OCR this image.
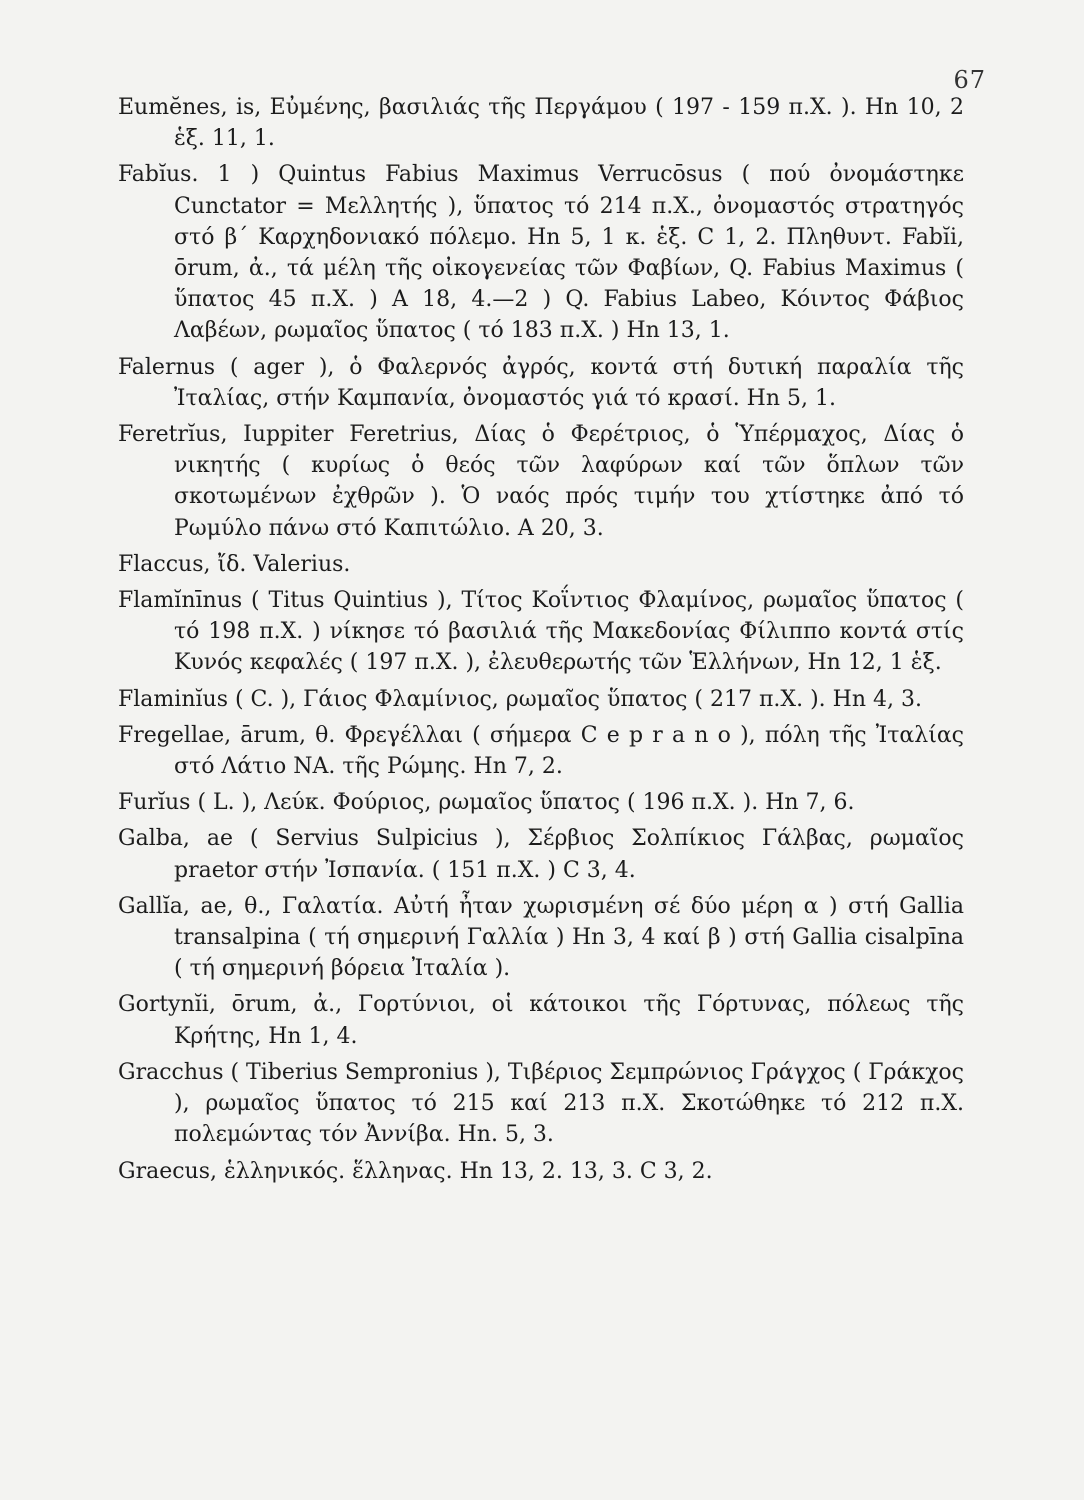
67

Eumĕnes, is, Εὐμένης, βασιλιάς τῆς Περγάμου ( 197 - 159 π.Χ. ). Hn 10, 2 ἑξ. 11, 1.

Fabĭus. 1 ) Quintus Fabius Maximus Verrucōsus ( πού ὀνομάστηκε Cunctator = Μελλητής ), ὕπατος τό 214 π.Χ., ὀνομαστός στρατηγός στό β΄ Καρχηδονιακό πόλεμο. Hn 5, 1 κ. ἑξ. C 1, 2. Πληθυντ. Fabĭi, ōrum, ἀ., τά μέλη τῆς οἰκογενείας τῶν Φαβίων, Q. Fabius Maximus ( ὕπατος 45 π.Χ. ) A 18, 4.—2 ) Q. Fabius Labeo, Κόιντος Φάβιος Λαβέων, ρωμαῖος ὕπατος ( τό 183 π.Χ. ) Hn 13, 1.

Falernus ( ager ), ὁ Φαλερνός ἀγρός, κοντά στή δυτική παραλία τῆς Ἰταλίας, στήν Καμπανία, ὀνομαστός γιά τό κρασί. Hn 5, 1.

Feretrĭus, Iuppiter Feretrius, Δίας ὁ Φερέτριος, ὁ Ὑπέρμαχος, Δίας ὁ νικητής ( κυρίως ὁ θεός τῶν λαφύρων καί τῶν ὅπλων τῶν σκοτωμένων ἐχθρῶν ). Ὁ ναός πρός τιμήν του χτίστηκε ἀπό τό Ρωμύλο πάνω στό Καπιτώλιο. A 20, 3.

Flaccus, ἴδ. Valerius.

Flamĭnīnus ( Titus Quintius ), Τίτος Κοΐντιος Φλαμίνος, ρωμαῖος ὕπατος ( τό 198 π.Χ. ) νίκησε τό βασιλιά τῆς Μακεδονίας Φίλιππο κοντά στίς Κυνός κεφαλές ( 197 π.Χ. ), ἐλευθερωτής τῶν Ἑλλήνων, Hn 12, 1 ἑξ.

Flaminĭus ( C. ), Γάιος Φλαμίνιος, ρωμαῖος ὕπατος ( 217 π.Χ. ). Hn 4, 3.

Fregellae, ārum, θ. Φρεγέλλαι ( σήμερα C e p r a n o ), πόλη τῆς Ἰταλίας στό Λάτιο ΝΑ. τῆς Ρώμης. Hn 7, 2.

Furĭus ( L. ), Λεύκ. Φούριος, ρωμαῖος ὕπατος ( 196 π.Χ. ). Hn 7, 6.

Galba, ae ( Servius Sulpicius ), Σέρβιος Σολπίκιος Γάλβας, ρωμαῖος praetor στήν Ἰσπανία. ( 151 π.Χ. ) C 3, 4.

Gallĭa, ae, θ., Γαλατία. Αὐτή ἦταν χωρισμένη σέ δύο μέρη α ) στή Gallia transalpina ( τή σημερινή Γαλλία ) Hn 3, 4 καί β ) στή Gallia cisalpīna ( τή σημερινή βόρεια Ἰταλία ).

Gortynĭi, ōrum, ἀ., Γορτύνιοι, οἱ κάτοικοι τῆς Γόρτυνας, πόλεως τῆς Κρήτης, Hn 1, 4.

Gracchus ( Tiberius Sempronius ), Τιβέριος Σεμπρώνιος Γράγχος ( Γράκχος ), ρωμαῖος ὕπατος τό 215 καί 213 π.Χ. Σκοτώθηκε τό 212 π.Χ. πολεμώντας τόν Ἀννίβα. Hn. 5, 3.

Graecus, ἑλληνικός. ἕλληνας. Hn 13, 2. 13, 3. C 3, 2.
